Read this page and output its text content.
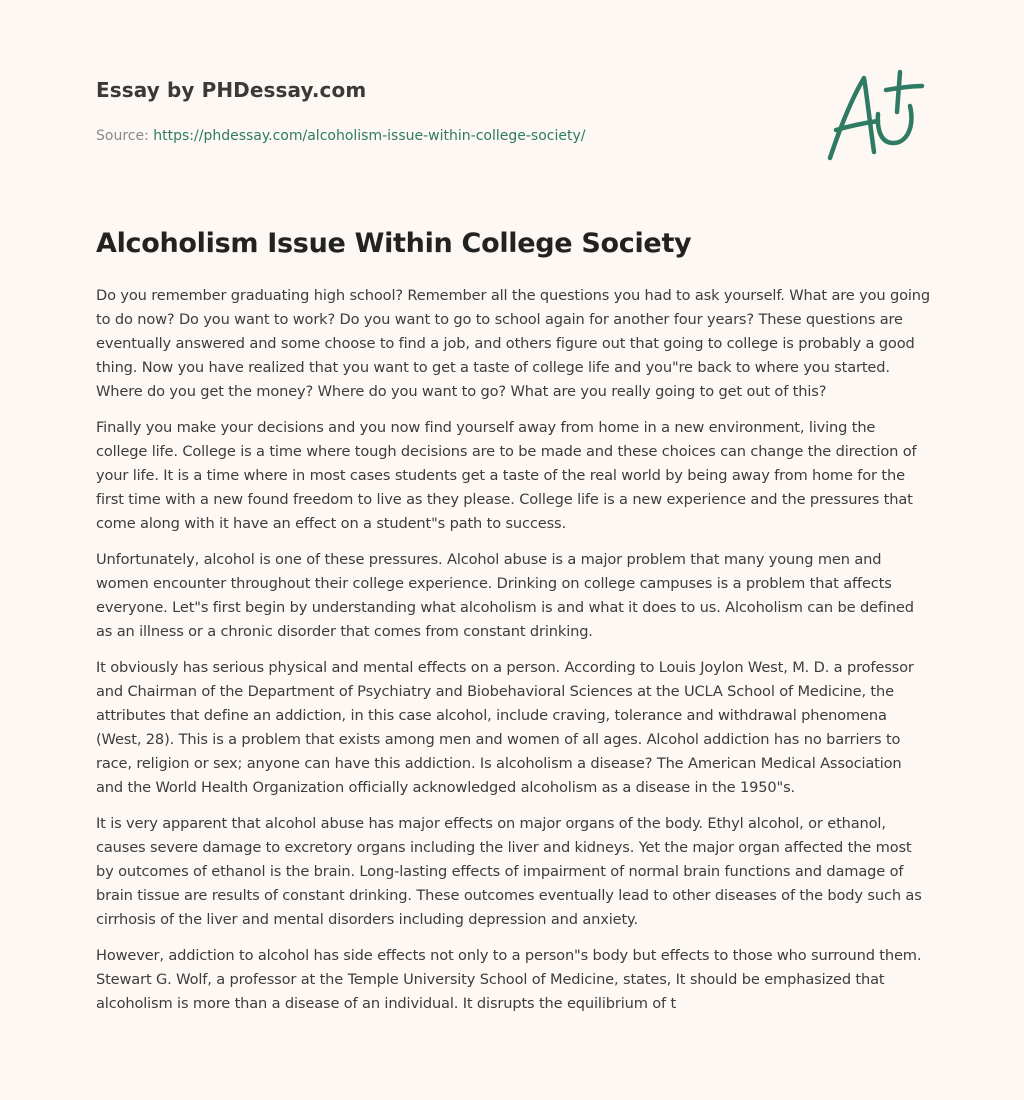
Essay by PHDessay.com
Source: https://phdessay.com/alcoholism-issue-within-college-society/
Alcoholism Issue Within College Society

Do you remember graduating high school? Remember all the questions you had to ask yourself. What are you going to do now? Do you want to work? Do you want to go to school again for another four years? These questions are eventually answered and some choose to find a job, and others figure out that going to college is probably a good thing. Now you have realized that you want to get a taste of college life and you"re back to where you started. Where do you get the money? Where do you want to go? What are you really going to get out of this?

Finally you make your decisions and you now find yourself away from home in a new environment, living the college life. College is a time where tough decisions are to be made and these choices can change the direction of your life. It is a time where in most cases students get a taste of the real world by being away from home for the first time with a new found freedom to live as they please. College life is a new experience and the pressures that come along with it have an effect on a student"s path to success.

Unfortunately, alcohol is one of these pressures. Alcohol abuse is a major problem that many young men and women encounter throughout their college experience. Drinking on college campuses is a problem that affects everyone. Let"s first begin by understanding what alcoholism is and what it does to us. Alcoholism can be defined as an illness or a chronic disorder that comes from constant drinking.

It obviously has serious physical and mental effects on a person. According to Louis Joylon West, M. D. a professor and Chairman of the Department of Psychiatry and Biobehavioral Sciences at the UCLA School of Medicine, the attributes that define an addiction, in this case alcohol, include craving, tolerance and withdrawal phenomena (West, 28). This is a problem that exists among men and women of all ages. Alcohol addiction has no barriers to race, religion or sex; anyone can have this addiction. Is alcoholism a disease? The American Medical Association and the World Health Organization officially acknowledged alcoholism as a disease in the 1950"s.

It is very apparent that alcohol abuse has major effects on major organs of the body. Ethyl alcohol, or ethanol, causes severe damage to excretory organs including the liver and kidneys. Yet the major organ affected the most by outcomes of ethanol is the brain. Long-lasting effects of impairment of normal brain functions and damage of brain tissue are results of constant drinking. These outcomes eventually lead to other diseases of the body such as cirrhosis of the liver and mental disorders including depression and anxiety.

However, addiction to alcohol has side effects not only to a person"s body but effects to those who surround them. Stewart G. Wolf, a professor at the Temple University School of Medicine, states, It should be emphasized that alcoholism is more than a disease of an individual. It disrupts the equilibrium of t
